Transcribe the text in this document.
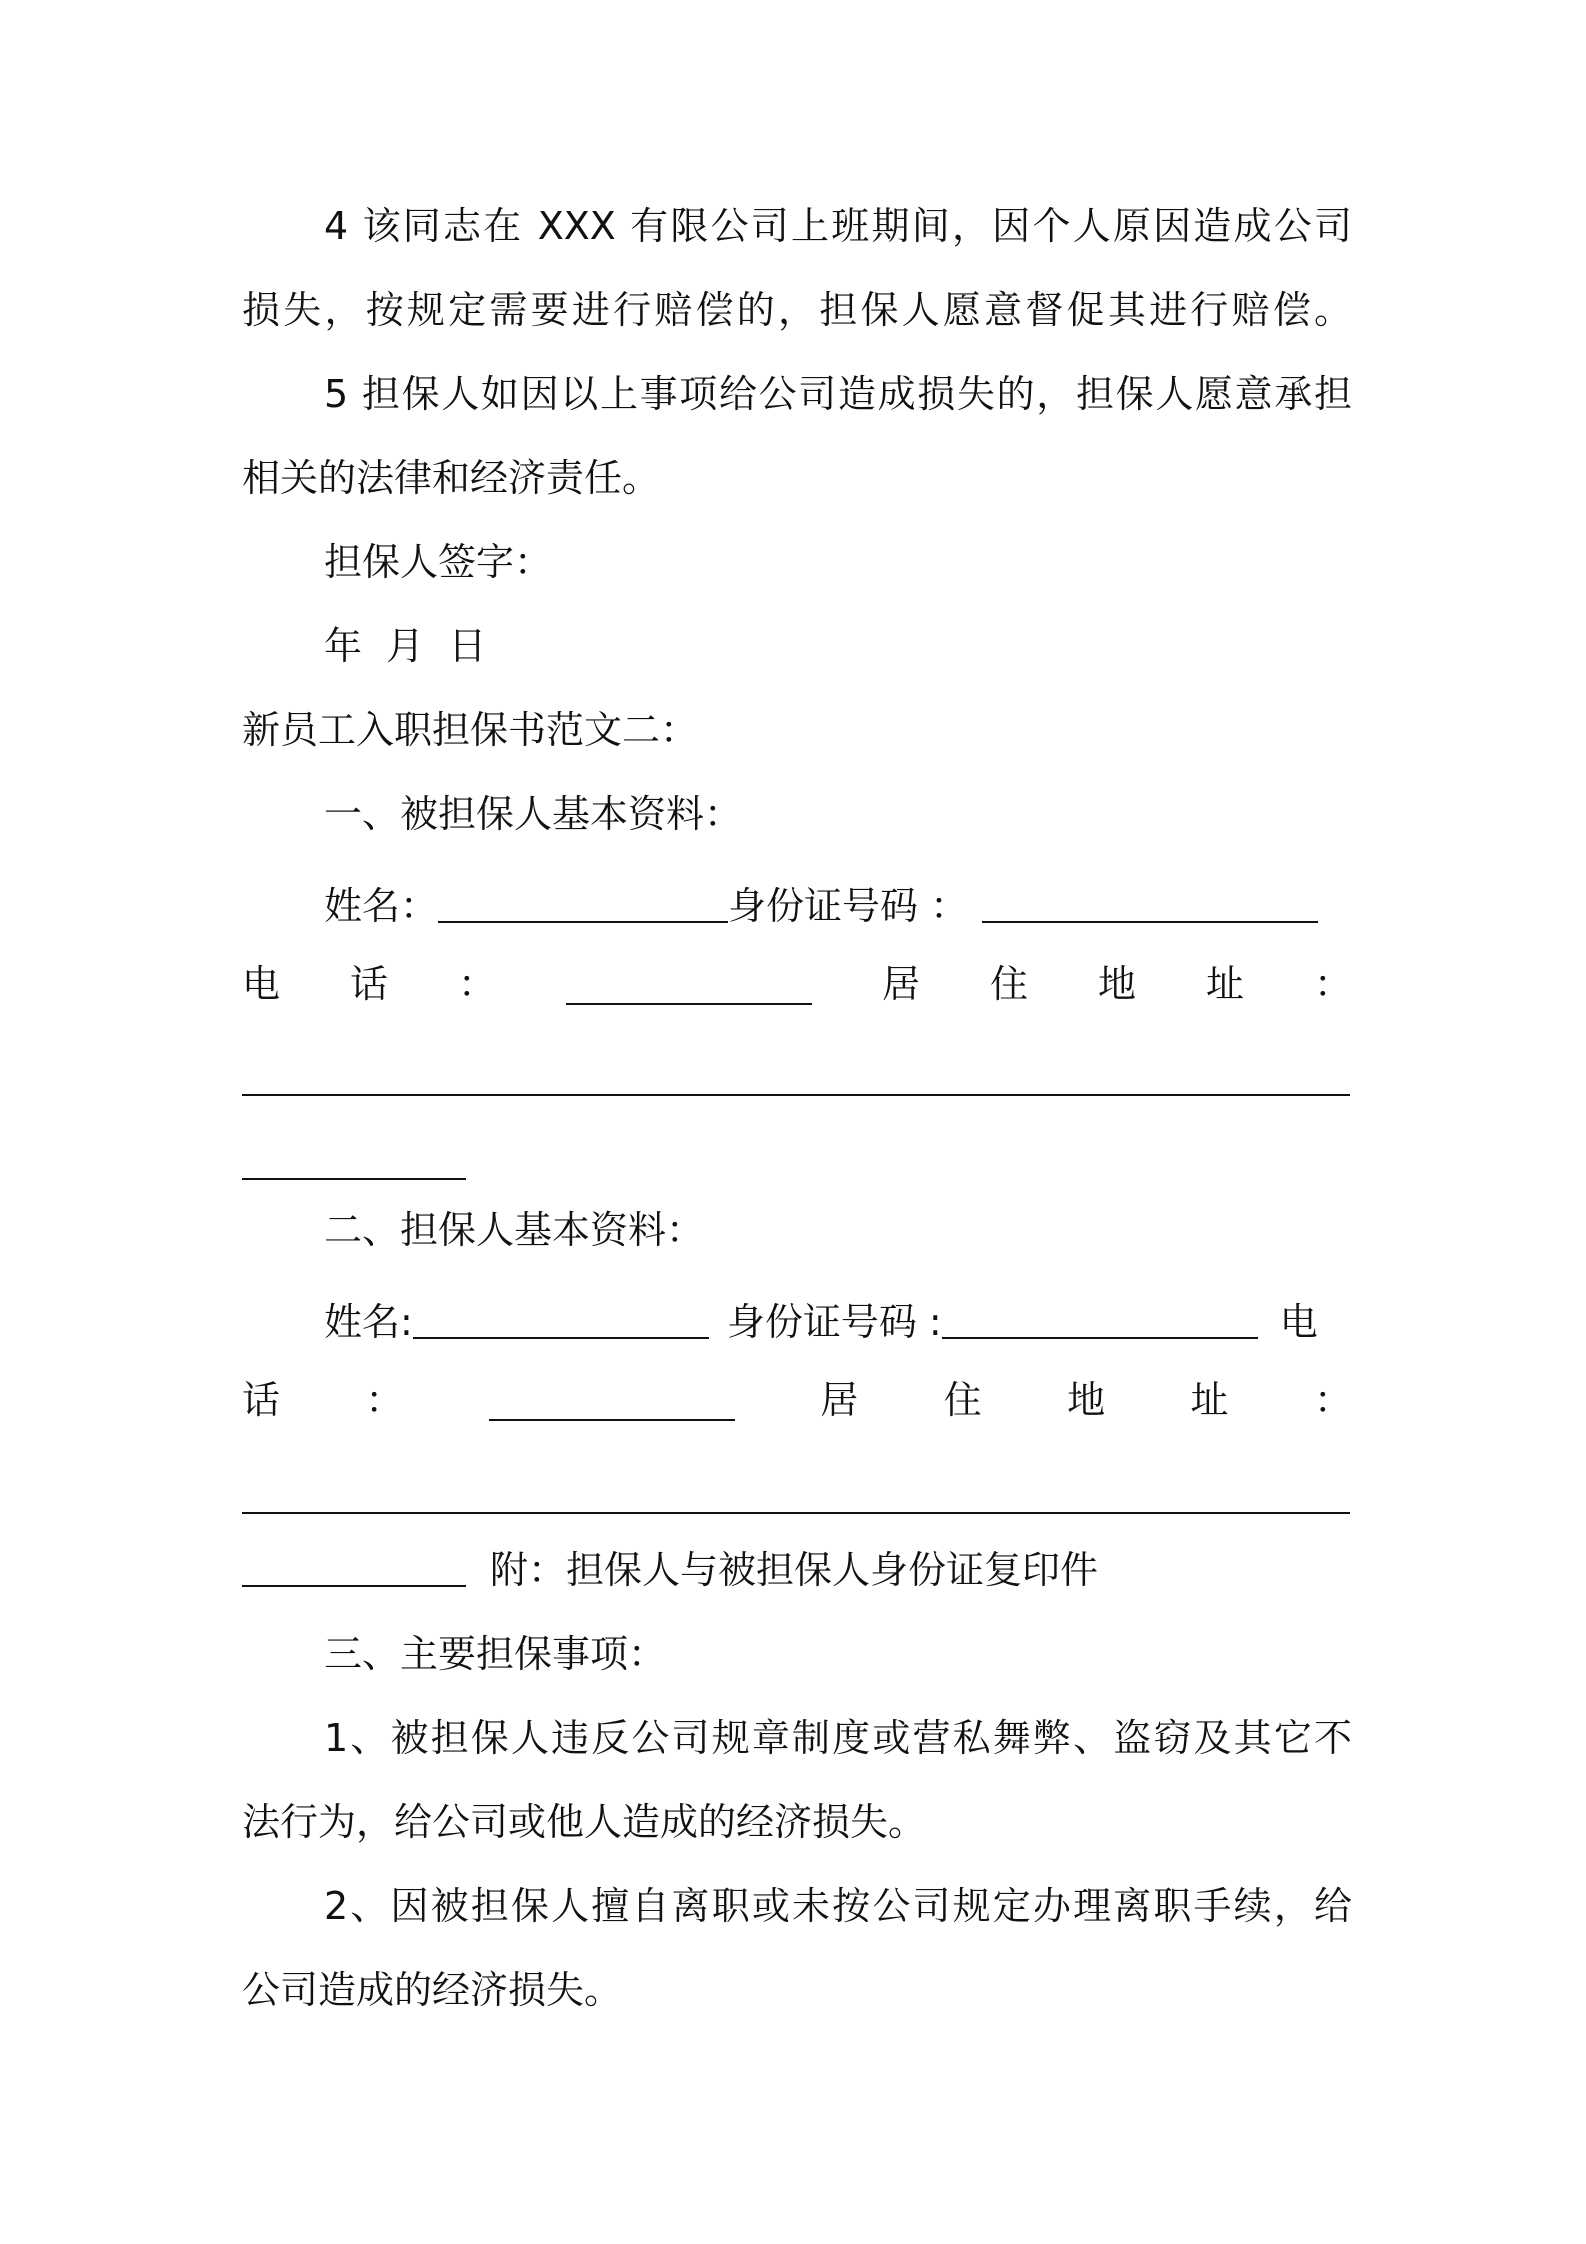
4 该同志在 XXX 有限公司上班期间，因个人原因造成公司
损失，按规定需要进行赔偿的，担保人愿意督促其进行赔偿。
5 担保人如因以上事项给公司造成损失的，担保人愿意承担
相关的法律和经济责任。
担保人签字：
年  月  日
新员工入职担保书范文二：
一、被担保人基本资料：
姓名：	身份证号码 ：
电 话 ：	居 住 地 址 ：
二、担保人基本资料：
姓名:	身份证号码 :	电
话 ：	居 住 地 址 ：
附：担保人与被担保人身份证复印件
三、主要担保事项：
1、被担保人违反公司规章制度或营私舞弊、盗窃及其它不
法行为，给公司或他人造成的经济损失。
2、因被担保人擅自离职或未按公司规定办理离职手续，给
公司造成的经济损失。
